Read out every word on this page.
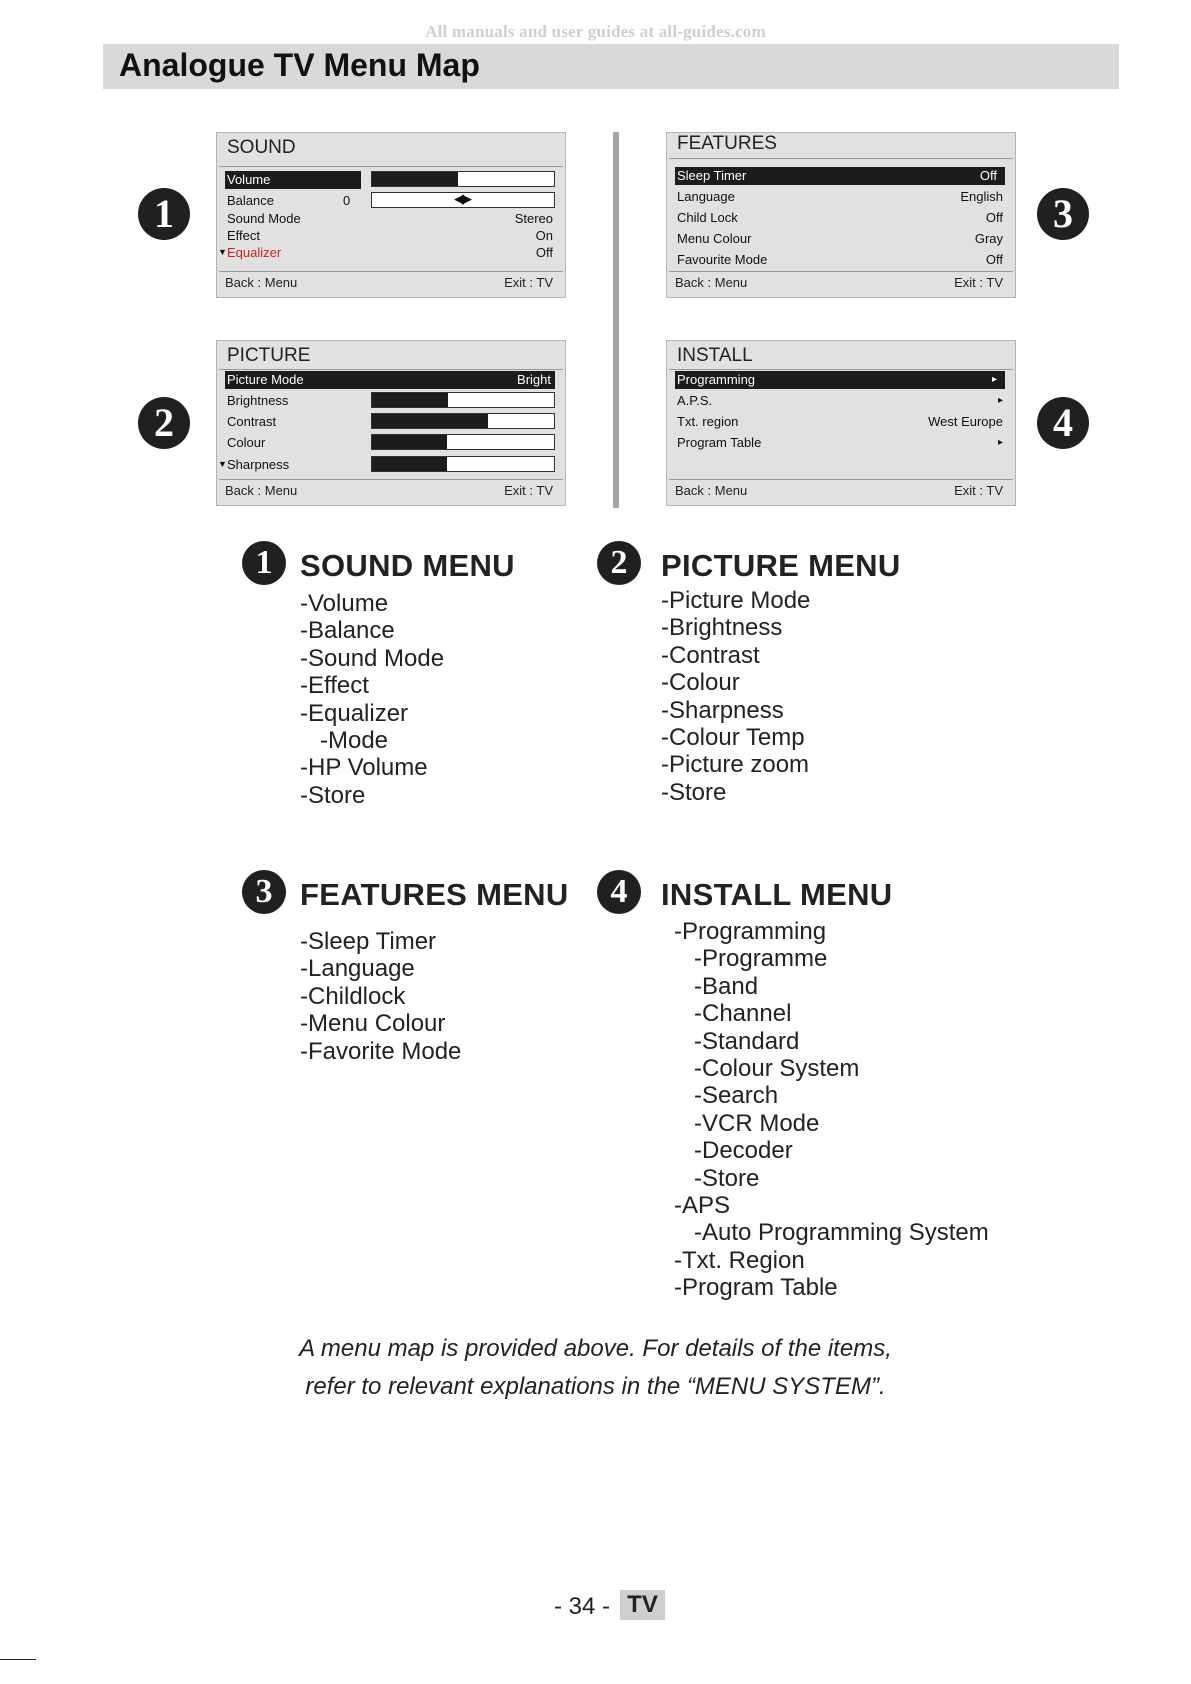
All manuals and user guides at all-guides.com
Analogue TV Menu Map
SOUND
Volume
Balance	0	◀▶
Sound Mode	Stereo
Effect	On
▼ Equalizer	Off
Back : Menu	Exit : TV
PICTURE
Picture Mode	Bright
Brightness
Contrast
Colour
▼ Sharpness
Back : Menu	Exit : TV
FEATURES
Sleep Timer	Off
Language	English
Child Lock	Off
Menu Colour	Gray
Favourite Mode	Off
Back : Menu	Exit : TV
INSTALL
Programming	▸
A.P.S.	▸
Txt. region	West Europe
Program Table	▸
Back : Menu	Exit : TV
1
2
3
4
1 SOUND MENU
-Volume
-Balance
-Sound Mode
-Effect
-Equalizer
-Mode
-HP Volume
-Store
2	PICTURE MENU
-Picture Mode
-Brightness
-Contrast
-Colour
-Sharpness
-Colour Temp
-Picture zoom
-Store
3 FEATURES MENU
-Sleep Timer
-Language
-Childlock
-Menu Colour
-Favorite Mode
4	INSTALL MENU
-Programming
-Programme
-Band
-Channel
-Standard
-Colour System
-Search
-VCR Mode
-Decoder
-Store
-APS
-Auto Programming System
-Txt. Region
-Program Table
A menu map is provided above. For details of the items,
refer to relevant explanations in the “MENU SYSTEM”.
- 34 - TV
